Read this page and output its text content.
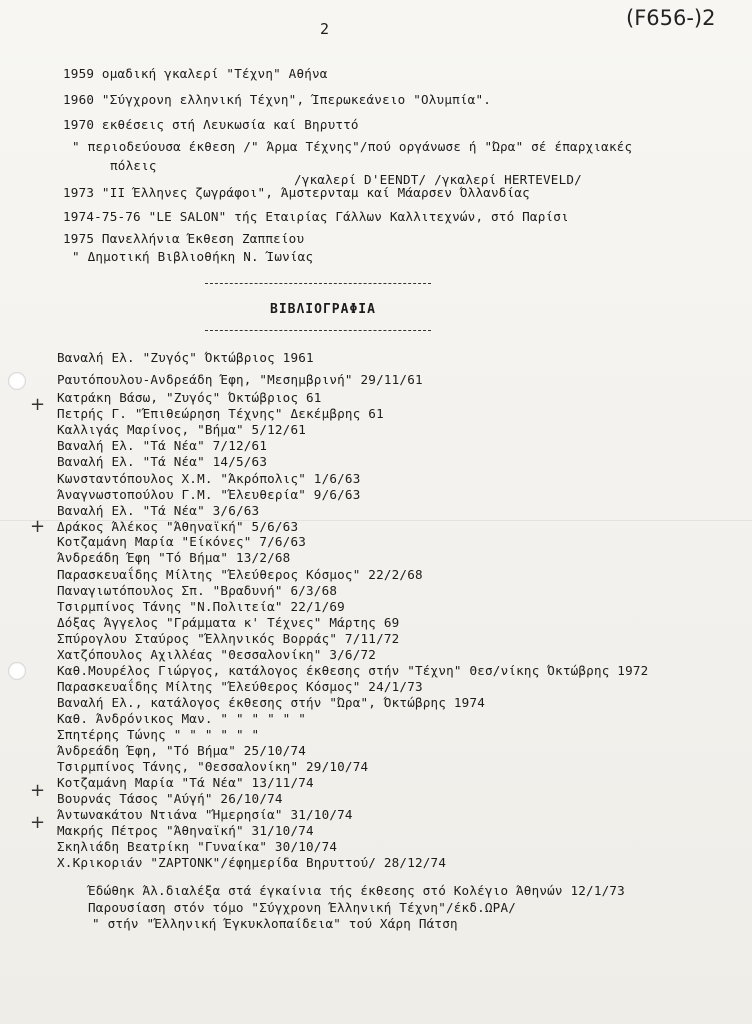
2	(F656-)2
1959 ομαδική γκαλερί "Τέχνη" Αθήνα
1960 "Σύγχρονη ελληνική Τέχνη", Ίπερωκεάνειο "Ολυμπία".
1970 εκθέσεις στή Λευκωσία καί Βηρυττό
" περιοδεύουσα έκθεση /" Άρμα Τέχνης"/πού οργάνωσε ή "Ώρα" σέ έπαρχιακές
πόλεις
/γκαλερί D'EENDT/ /γκαλερί HERTEVELD/
1973 "ΙΙ Έλληνες ζωγράφοι", Άμστερνταμ καί Μάαρσεν Όλλανδίας
1974-75-76 "LE SALON" τής Εταιρίας Γάλλων Καλλιτεχνών, στό Παρίσι
1975 Πανελλήνια Έκθεση Ζαππείου
" Δημοτική Βιβλιοθήκη Ν. Ίωνίας
ΒΙΒΛΙΟΓΡΑΦΙΑ
Βαναλή Ελ. "Ζυγός" Όκτώβριος 1961
Ραυτόπουλου-Ανδρεάδη Έφη, "Μεσημβρινή" 29/11/61
Κατράκη Βάσω, "Ζυγός" Όκτώβριος 61
Πετρής Γ. "Έπιθεώρηση Τέχνης" Δεκέμβρης 61
Καλλιγάς Μαρίνος, "Βήμα" 5/12/61
Βαναλή Ελ. "Τά Νέα" 7/12/61
Βαναλή Ελ. "Τά Νέα" 14/5/63
Κωνσταντόπουλος Χ.Μ. "Άκρόπολις" 1/6/63
Άναγνωστοπούλου Γ.Μ. "Έλευθερία" 9/6/63
Βαναλή Ελ. "Τά Νέα" 3/6/63
Δράκος Άλέκος "Άθηναϊκή" 5/6/63
Κοτζαμάνη Μαρία "Είκόνες" 7/6/63
Άνδρεάδη Έφη "Τό Βήμα" 13/2/68
Παρασκευαΐδης Μίλτης "Έλεύθερος Κόσμος" 22/2/68
Παναγιωτόπουλος Σπ. "Βραδυνή" 6/3/68
Τσιρμπίνος Τάνης "Ν.Πολιτεία" 22/1/69
Δόξας Άγγελος "Γράμματα κ' Τέχνες" Μάρτης 69
Σπύρογλου Σταύρος "Έλληνικός Βορράς" 7/11/72
Χατζόπουλος Αχιλλέας "Θεσσαλονίκη" 3/6/72
Καθ.Μουρέλος Γιώργος, κατάλογος έκθεσης στήν "Τέχνη" Θεσ/νίκης Όκτώβρης 1972
Παρασκευαΐδης Μίλτης "Έλεύθερος Κόσμος" 24/1/73
Βαναλή Ελ., κατάλογος έκθεσης στήν "Ώρα", Όκτώβρης 1974
Καθ. Άνδρόνικος Μαν. " " " " " "
Σπητέρης Τώνης " " " " " "
Άνδρεάδη Έφη, "Τό Βήμα" 25/10/74
Τσιρμπίνος Τάνης, "Θεσσαλονίκη" 29/10/74
Κοτζαμάνη Μαρία "Τά Νέα" 13/11/74
Βουρνάς Τάσος "Αύγή" 26/10/74
Άντωνακάτου Ντιάνα "Ήμερησία" 31/10/74
Μακρής Πέτρος "Άθηναϊκή" 31/10/74
Σκηλιάδη Βεατρίκη "Γυναίκα" 30/10/74
Χ.Κρικοριάν "ΖΑΡΤΟΝΚ"/έφημερίδα Βηρυττού/ 28/12/74
Έδώθηκ Άλ.διαλέξα στά έγκαίνια τής έκθεσης στό Κολέγιο Άθηνών 12/1/73
Παρουσίαση στόν τόμο "Σύγχρονη Έλληνική Τέχνη"/έκδ.ΩΡΑ/
" στήν "Έλληνική Έγκυκλοπαίδεια" τού Χάρη Πάτση
+
+
+
+
